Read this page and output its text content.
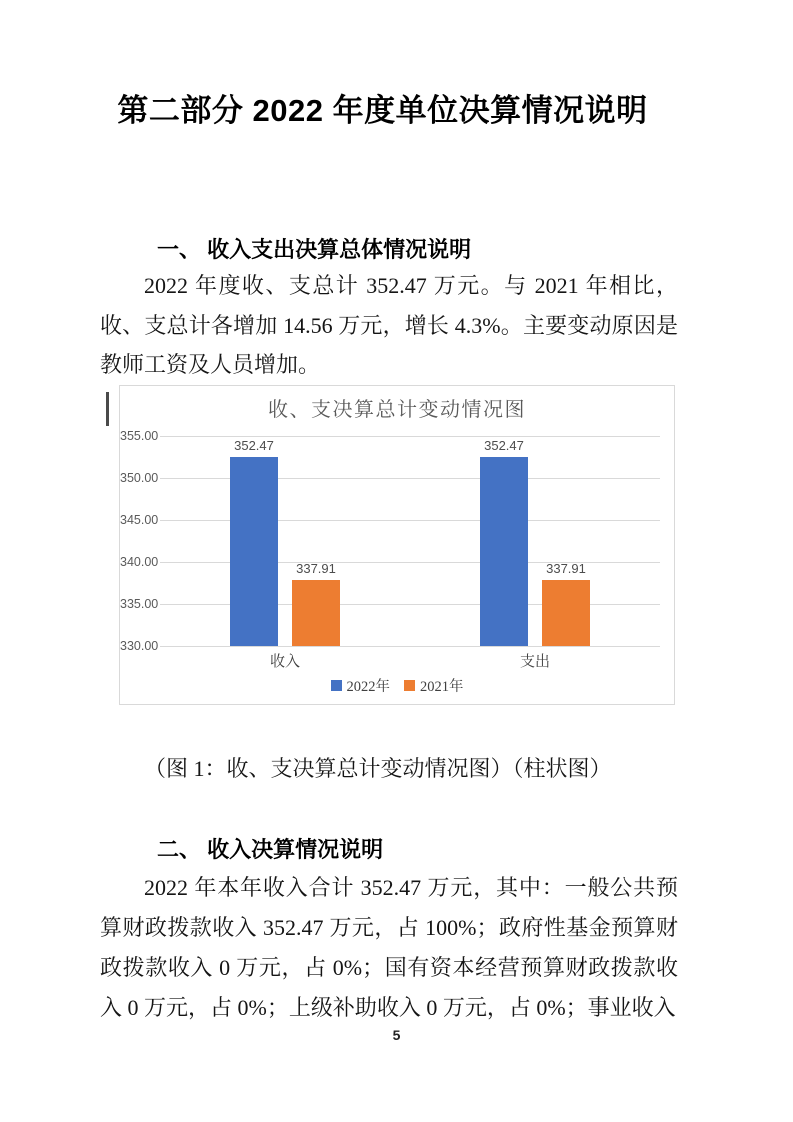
第二部分 2022 年度单位决算情况说明
一、 收入支出决算总体情况说明
2022 年度收、支总计 352.47 万元。与 2021 年相比，收、支总计各增加 14.56 万元，增长 4.3%。主要变动原因是教师工资及人员增加。
收、支决算总计变动情况图
355.00
350.00
345.00
340.00
335.00
330.00
352.47
337.91
352.47
337.91
收入	支出
2022年 2021年
（图 1：收、支决算总计变动情况图）（柱状图）
二、 收入决算情况说明
2022 年本年收入合计 352.47 万元，其中：一般公共预算财政拨款收入 352.47 万元，占 100%；政府性基金预算财政拨款收入 0 万元，占 0%；国有资本经营预算财政拨款收入 0 万元，占 0%；上级补助收入 0 万元，占 0%；事业收入
5
